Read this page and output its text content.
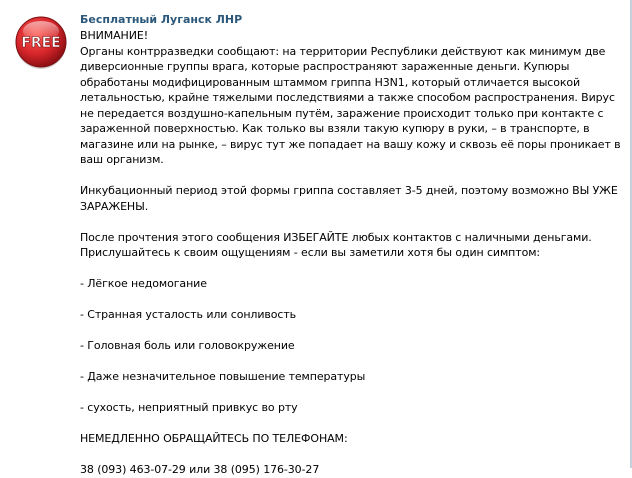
FREE
Бесплатный Луганск ЛНР

ВНИМАНИЕ!

Органы контрразведки сообщают: на территории Республики действуют как минимум две диверсионные группы врага, которые распространяют зараженные деньги. Купюры обработаны модифицированным штаммом гриппа H3N1, который отличается высокой летальностью, крайне тяжелыми последствиями а также способом распространения. Вирус не передается воздушно-капельным путём, заражение происходит только при контакте с зараженной поверхностью. Как только вы взяли такую купюру в руки, – в транспорте, в магазине или на рынке, – вирус тут же попадает на вашу кожу и сквозь её поры проникает в ваш организм.

Инкубационный период этой формы гриппа составляет 3-5 дней, поэтому возможно ВЫ УЖЕ ЗАРАЖЕНЫ.

После прочтения этого сообщения ИЗБЕГАЙТЕ любых контактов с наличными деньгами. Прислушайтесь к своим ощущениям - если вы заметили хотя бы один симптом:

- Лёгкое недомогание

- Странная усталость или сонливость

- Головная боль или головокружение

- Даже незначительное повышение температуры

- сухость, неприятный привкус во рту

НЕМЕДЛЕННО ОБРАЩАЙТЕСЬ ПО ТЕЛЕФОНАМ:

38 (093) 463-07-29 или 38 (095) 176-30-27
